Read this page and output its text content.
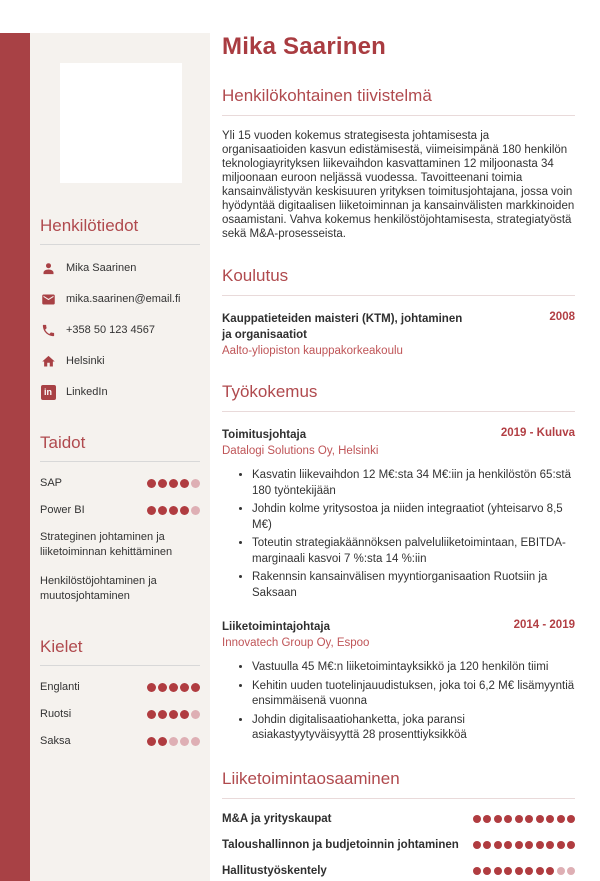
Henkilötiedot
Mika Saarinen
mika.saarinen@email.fi
+358 50 123 4567
Helsinki
in	LinkedIn
Taidot
SAP
Power BI
Strateginen johtaminen ja liiketoiminnan kehittäminen
Henkilöstöjohtaminen ja muutosjohtaminen
Kielet
Englanti
Ruotsi
Saksa
Mika Saarinen
Henkilökohtainen tiivistelmä

Yli 15 vuoden kokemus strategisesta johtamisesta ja organisaatioiden kasvun edistämisestä, viimeisimpänä 180 henkilön teknologiayrityksen liikevaihdon kasvattaminen 12 miljoonasta 34 miljoonaan euroon neljässä vuodessa. Tavoitteenani toimia kansainvälistyvän keskisuuren yrityksen toimitusjohtajana, jossa voin hyödyntää digitaalisen liiketoiminnan ja kansainvälisten markkinoiden osaamistani. Vahva kokemus henkilöstöjohtamisesta, strategiatyöstä sekä M&A-prosesseista.

Koulutus
Kauppatieteiden maisteri (KTM), johtaminen ja organisaatiot
2008
Aalto-yliopiston kauppakorkeakoulu
Työkokemus
Toimitusjohtaja	2019 - Kuluva
Datalogi Solutions Oy, Helsinki
• Kasvatin liikevaihdon 12 M€:sta 34 M€:iin ja henkilöstön 65:stä 180 työntekijään
• Johdin kolme yritysostoa ja niiden integraatiot (yhteisarvo 8,5 M€)
• Toteutin strategiakäännöksen palveluliiketoimintaan, EBITDA-marginaali kasvoi 7 %:sta 14 %:iin
• Rakennsin kansainvälisen myyntiorganisaation Ruotsiin ja Saksaan
Liiketoimintajohtaja	2014 - 2019
Innovatech Group Oy, Espoo
• Vastuulla 45 M€:n liiketoimintayksikkö ja 120 henkilön tiimi
• Kehitin uuden tuotelinjauudistuksen, joka toi 6,2 M€ lisämyyntiä ensimmäisenä vuonna
• Johdin digitalisaatiohanketta, joka paransi asiakastyytyväisyyttä 28 prosenttiyksikköä
Liiketoimintaosaaminen
M&A ja yrityskaupat
Taloushallinnon ja budjetoinnin johtaminen
Hallitustyöskentely
